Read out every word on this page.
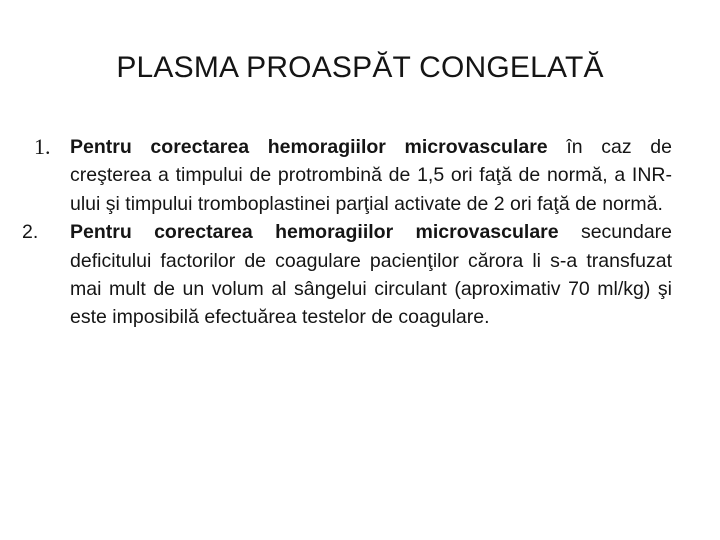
PLASMA PROASPĂT CONGELATĂ
1. Pentru corectarea hemoragiilor microvasculare în caz de creşterea a timpului de protrombină de 1,5 ori faţă de normă, a INR-ului şi timpului tromboplastinei parţial activate de 2 ori faţă de normă.
2. Pentru corectarea hemoragiilor microvasculare secundare deficitului factorilor de coagulare pacienţilor cărora li s-a transfuzat mai mult de un volum al sângelui circulant (aproximativ 70 ml/kg) şi este imposibilă efectuărea testelor de coagulare.
